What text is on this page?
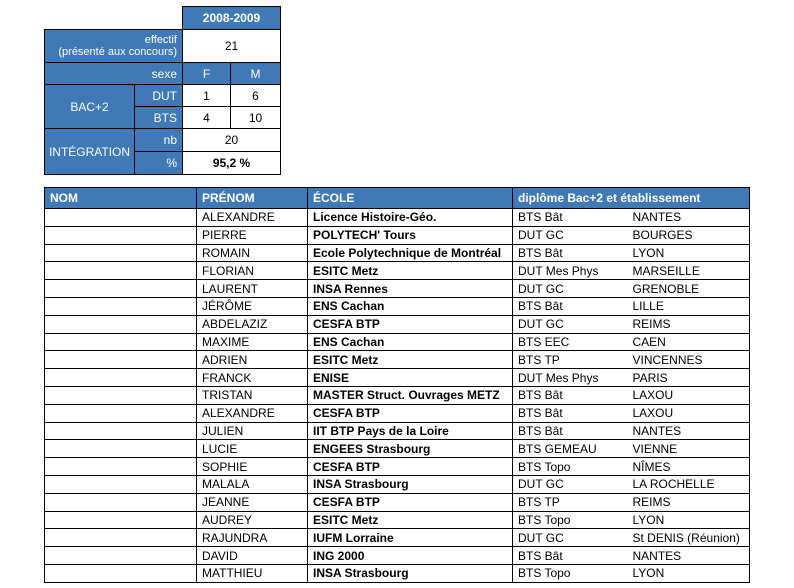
		2008-2009	

effectif
(présenté aux concours)		21	
sexe		F	M
BAC+2	DUT	1	6
	BTS	4	10
INTÉGRATION	nb	20	
	%	95,2 %	
NOM	PRÉNOM	ÉCOLE	diplôme Bac+2 et établissement	
	ALEXANDRE	Licence Histoire-Géo.	BTS Bât	NANTES
	PIERRE	POLYTECH' Tours	DUT GC	BOURGES
	ROMAIN	Ecole Polytechnique de Montréal	BTS Bât	LYON
	FLORIAN	ESITC Metz	DUT Mes Phys	MARSEILLE
	LAURENT	INSA Rennes	DUT GC	GRENOBLE
	JÉRÔME	ENS Cachan	BTS Bât	LILLE
	ABDELAZIZ	CESFA BTP	DUT GC	REIMS
	MAXIME	ENS Cachan	BTS EEC	CAEN
	ADRIEN	ESITC Metz	BTS TP	VINCENNES
	FRANCK	ENISE	DUT Mes Phys	PARIS
	TRISTAN	MASTER Struct. Ouvrages METZ	BTS Bât	LAXOU
	ALEXANDRE	CESFA BTP	BTS Bât	LAXOU
	JULIEN	IIT BTP Pays de la Loire	BTS Bât	NANTES
	LUCIE	ENGEES Strasbourg	BTS GEMEAU	VIENNE
	SOPHIE	CESFA BTP	BTS Topo	NÎMES
	MALALA	INSA Strasbourg	DUT GC	LA ROCHELLE
	JEANNE	CESFA BTP	BTS TP	REIMS
	AUDREY	ESITC Metz	BTS Topo	LYON
	RAJUNDRA	IUFM Lorraine	DUT GC	St DENIS (Réunion)
	DAVID	ING 2000	BTS Bât	NANTES
	MATTHIEU	INSA Strasbourg	BTS Topo	LYON
